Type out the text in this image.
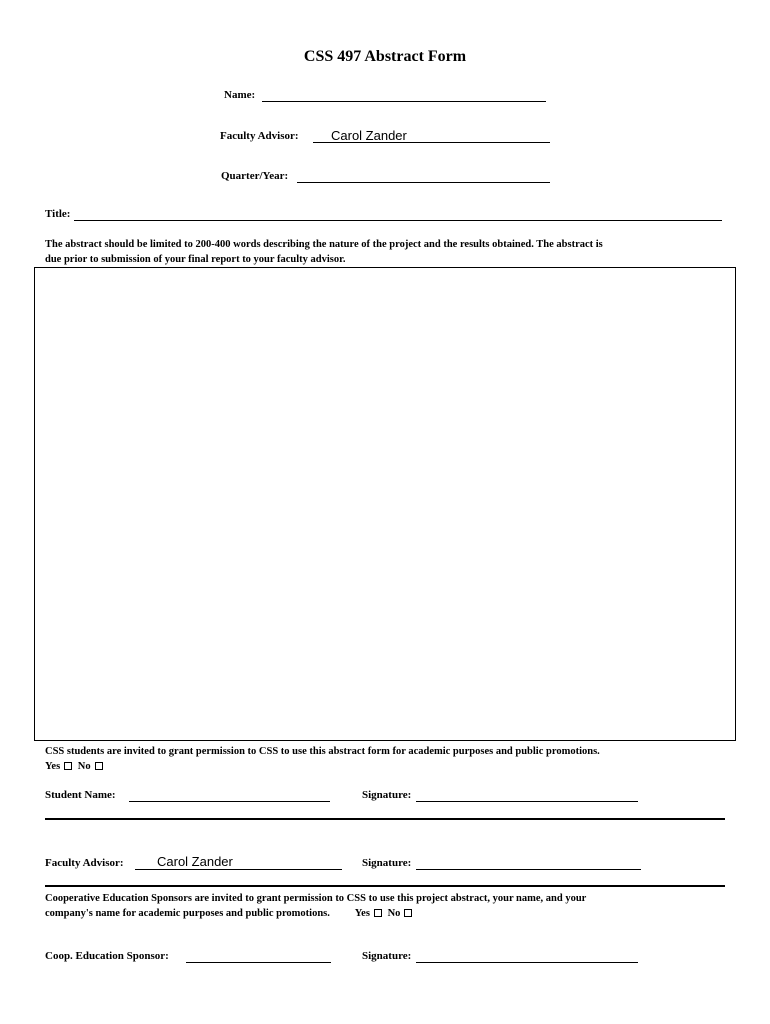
CSS 497 Abstract Form
Name:
Faculty Advisor: Carol Zander
Quarter/Year:
Title:
The abstract should be limited to 200-400 words describing the nature of the project and the results obtained. The abstract is
due prior to submission of your final report to your faculty advisor.
CSS students are invited to grant permission to CSS to use this abstract form for academic purposes and public promotions.
Yes No
Student Name:	Signature:
Faculty Advisor:	Carol Zander	Signature:
Cooperative Education Sponsors are invited to grant permission to CSS to use this project abstract, your name, and your
company's name for academic purposes and public promotions. Yes No
Coop. Education Sponsor:	Signature:
